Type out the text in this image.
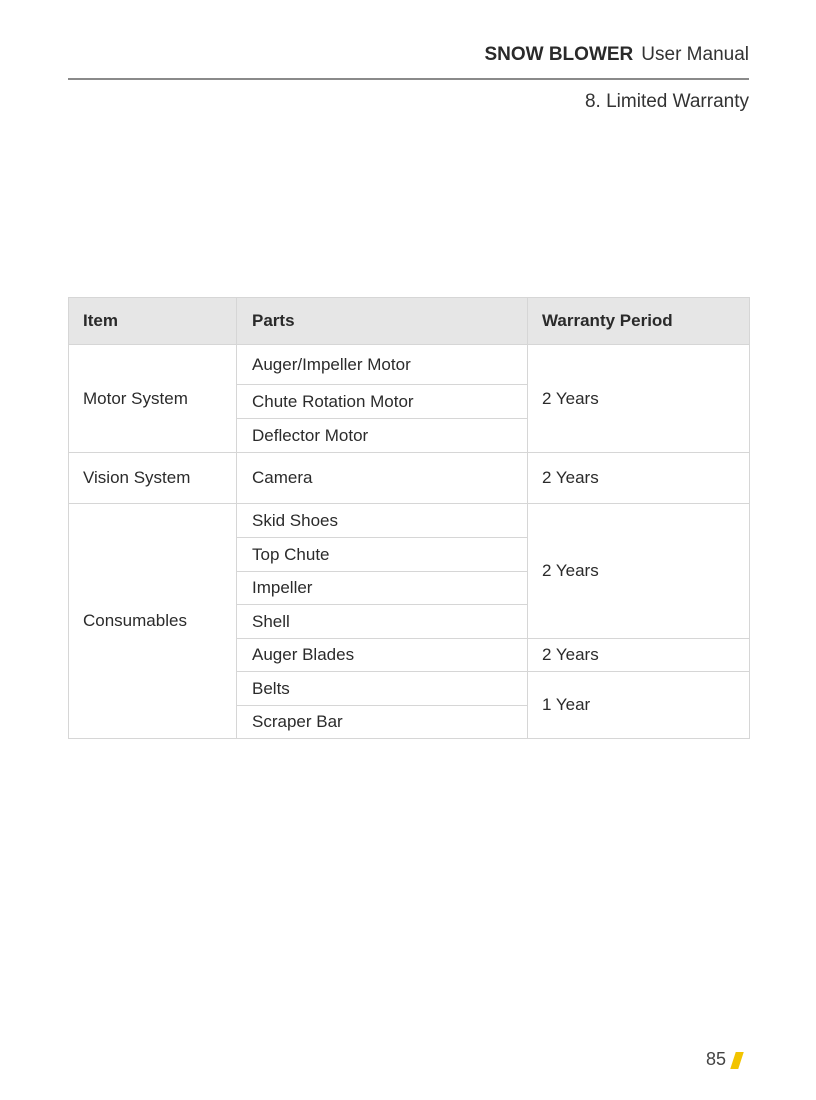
SNOW BLOWER User Manual
8. Limited Warranty
Item	Parts	Warranty Period
Motor System	Auger/Impeller Motor	2 Years
	Chute Rotation Motor	
	Deflector Motor	
Vision System	Camera	2 Years
Consumables	Skid Shoes	2 Years
	Top Chute	
	Impeller	
	Shell	
	Auger Blades	2 Years
	Belts	1 Year
	Scraper Bar	
85
